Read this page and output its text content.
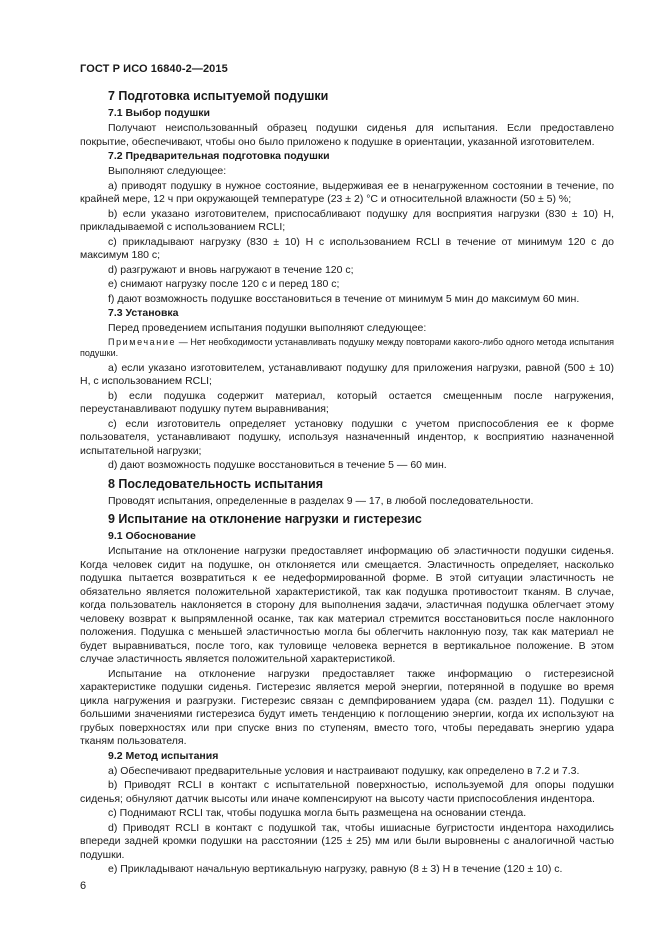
ГОСТ Р ИСО 16840-2—2015
7 Подготовка испытуемой подушки
7.1 Выбор подушки

Получают неиспользованный образец подушки сиденья для испытания. Если предоставлено покрытие, обеспечивают, чтобы оно было приложено к подушке в ориентации, указанной изготовителем.

7.2 Предварительная подготовка подушки

Выполняют следующее:

a) приводят подушку в нужное состояние, выдерживая ее в ненагруженном состоянии в течение, по крайней мере, 12 ч при окружающей температуре (23 ± 2) °С и относительной влажности (50 ± 5) %;

b) если указано изготовителем, приспосабливают подушку для восприятия нагрузки (830 ± 10) Н, прикладываемой с использованием RCLI;

c) прикладывают нагрузку (830 ± 10) Н с использованием RCLI в течение от минимум 120 с до максимум 180 с;

d) разгружают и вновь нагружают в течение 120 с;

e) снимают нагрузку после 120 с и перед 180 с;

f) дают возможность подушке восстановиться в течение от минимум 5 мин до максимум 60 мин.

7.3 Установка

Перед проведением испытания подушки выполняют следующее:

Примечание — Нет необходимости устанавливать подушку между повторами какого-либо одного метода испытания подушки.

a) если указано изготовителем, устанавливают подушку для приложения нагрузки, равной (500 ± 10) Н, с использованием RCLI;

b) если подушка содержит материал, который остается смещенным после нагружения, переустанавливают подушку путем выравнивания;

c) если изготовитель определяет установку подушки с учетом приспособления ее к форме пользователя, устанавливают подушку, используя назначенный индентор, к восприятию назначенной испытательной нагрузки;

d) дают возможность подушке восстановиться в течение 5 — 60 мин.

8 Последовательность испытания

Проводят испытания, определенные в разделах 9 — 17, в любой последовательности.

9 Испытание на отклонение нагрузки и гистерезис
9.1 Обоснование

Испытание на отклонение нагрузки предоставляет информацию об эластичности подушки сиденья. Когда человек сидит на подушке, он отклоняется или смещается. Эластичность определяет, насколько подушка пытается возвратиться к ее недеформированной форме. В этой ситуации эластичность не обязательно является положительной характеристикой, так как подушка противостоит тканям. В случае, когда пользователь наклоняется в сторону для выполнения задачи, эластичная подушка облегчает этому человеку возврат к выпрямленной осанке, так как материал стремится восстановиться после наклонного положения. Подушка с меньшей эластичностью могла бы облегчить наклонную позу, так как материал не будет выравниваться, после того, как туловище человека вернется в вертикальное положение. В этом случае эластичность является положительной характеристикой.

Испытание на отклонение нагрузки предоставляет также информацию о гистерезисной характеристике подушки сиденья. Гистерезис является мерой энергии, потерянной в подушке во время цикла нагружения и разгрузки. Гистерезис связан с демпфированием удара (см. раздел 11). Подушки с большими значениями гистерезиса будут иметь тенденцию к поглощению энергии, когда их используют на грубых поверхностях или при спуске вниз по ступеням, вместо того, чтобы передавать энергию удара тканям пользователя.

9.2 Метод испытания

a) Обеспечивают предварительные условия и настраивают подушку, как определено в 7.2 и 7.3.

b) Приводят RCLI в контакт с испытательной поверхностью, используемой для опоры подушки сиденья; обнуляют датчик высоты или иначе компенсируют на высоту части приспособления индентора.

c) Поднимают RCLI так, чтобы подушка могла быть размещена на основании стенда.

d) Приводят RCLI в контакт с подушкой так, чтобы ишиасные бугристости индентора находились впереди задней кромки подушки на расстоянии (125 ± 25) мм или были выровнены с аналогичной частью подушки.

e) Прикладывают начальную вертикальную нагрузку, равную (8 ± 3) Н в течение (120 ± 10) с.

6
